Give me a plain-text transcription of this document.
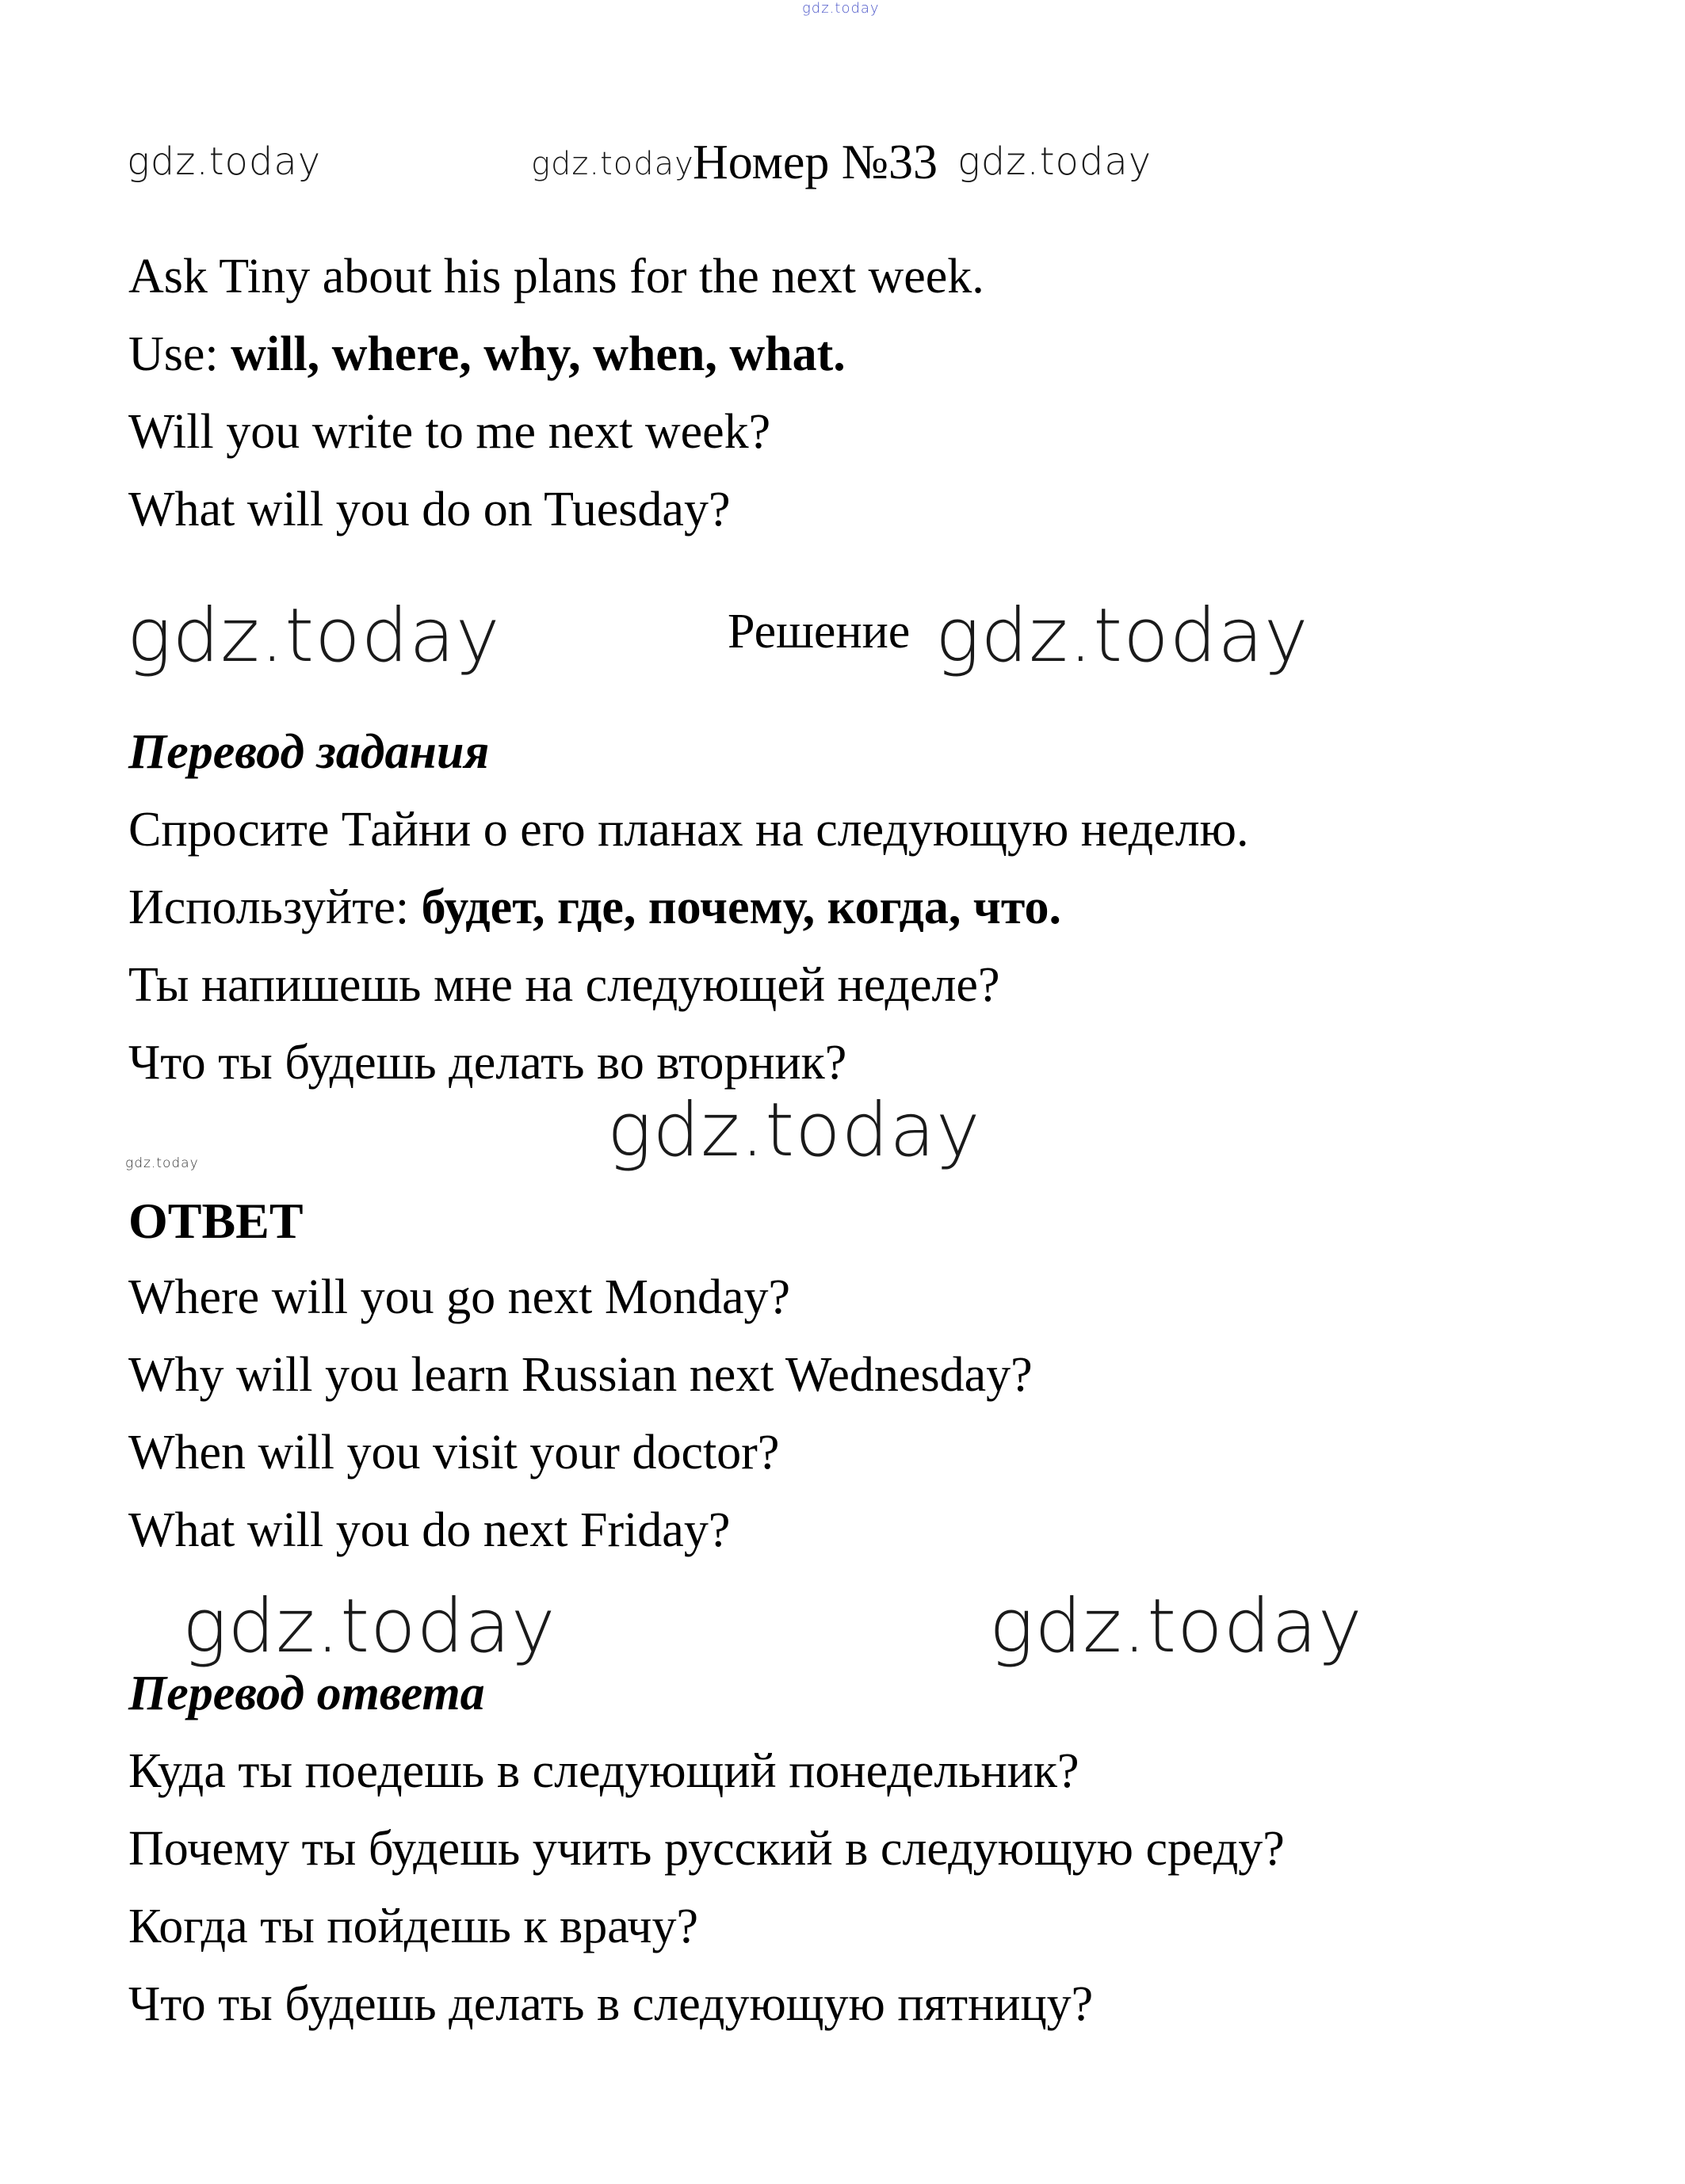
gdz.today
gdz.today	gdz.today
Номер №33 gdz.today
Ask Tiny about his plans for the next week.
Use: will, where, why, when, what.
Will you write to me next week?
What will you do on Tuesday?
gdz.today	Решение gdz.today
Перевод задания
Спросите Тайни о его планах на следующую неделю.
Используйте: будет, где, почему, когда, что.
Ты напишешь мне на следующей неделе?
Что ты будешь делать во вторник?
gdz.today
gdz.today
ОТВЕТ
Where will you go next Monday?
Why will you learn Russian next Wednesday?
When will you visit your doctor?
What will you do next Friday?
gdz.today	gdz.today
Перевод ответа
Куда ты поедешь в следующий понедельник?
Почему ты будешь учить русский в следующую среду?
Когда ты пойдешь к врачу?
Что ты будешь делать в следующую пятницу?
